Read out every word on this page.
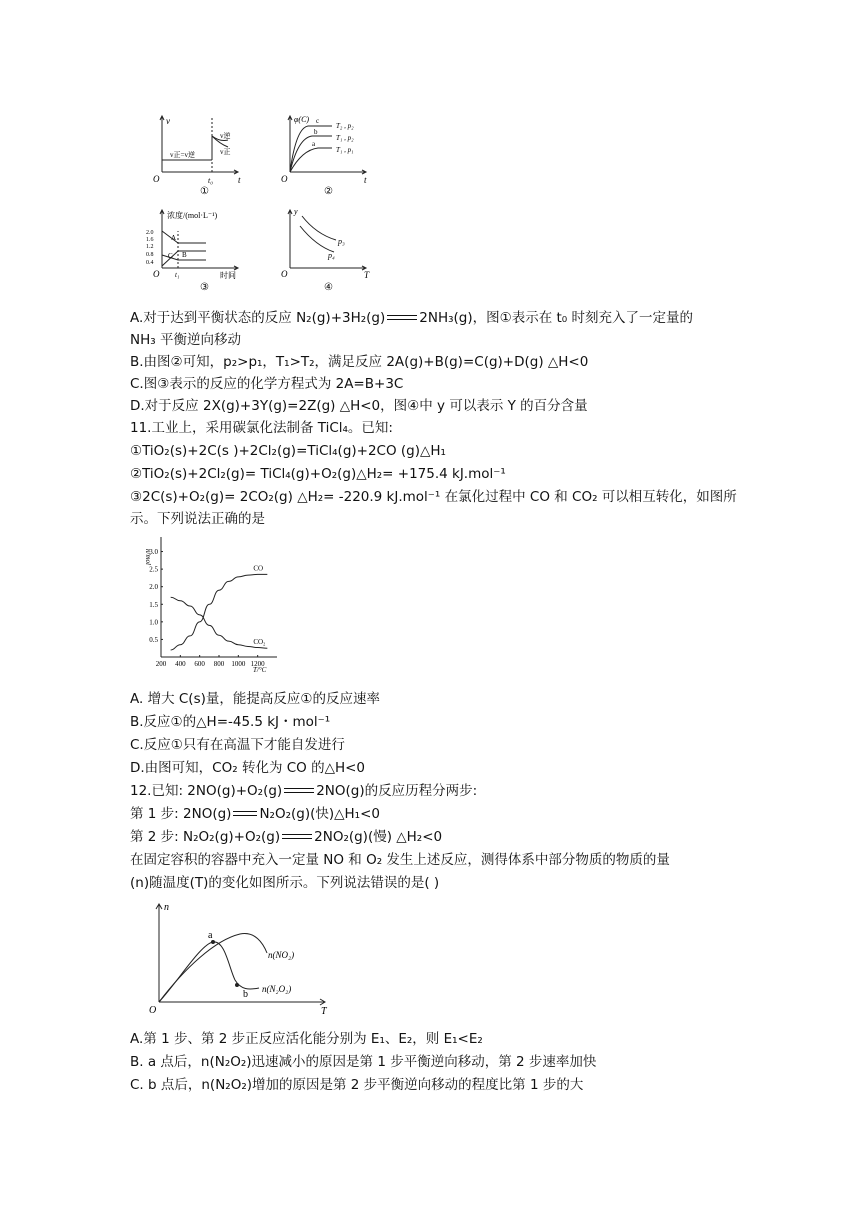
v
v正=v逆
v逆
v正
O	t₀	t
①
φ(C) c
b
a
T₂ , p₂
T₁ , p₂
T₁ , p₁
O	t
②
浓度/(mol·L⁻¹)
2.0
1.6
1.2
0.8
0.4
A
C B
O t₁	时间
③
y
p₃
p₄
O	T
④
A.对于达到平衡状态的反应 N₂(g)+3H₂(g)	2NH₃(g)，图①表示在 t₀ 时刻充入了一定量的
NH₃ 平衡逆向移动
B.由图②可知，p₂>p₁，T₁>T₂，满足反应 2A(g)+B(g)=C(g)+D(g) △H<0
C.图③表示的反应的化学方程式为 2A=B+3C
D.对于反应 2X(g)+3Y(g)=2Z(g) △H<0，图④中 y 可以表示 Y 的百分含量
11.工业上，采用碳氯化法制备 TiCl₄。已知:
①TiO₂(s)+2C(s )+2Cl₂(g)=TiCl₄(g)+2CO (g)△H₁
②TiO₂(s)+2Cl₂(g)= TiCl₄(g)+O₂(g)△H₂= +175.4 kJ.mol⁻¹
③2C(s)+O₂(g)= 2CO₂(g) △H₂= -220.9 kJ.mol⁻¹ 在氯化过程中 CO 和 CO₂ 可以相互转化，如图所
示。下列说法正确的是
200 400 600 800 1000 1200
0.5
1.0
1.5
2.0
2.5
3.0
CO
CO₂
n/mol
T/°C
A. 增大 C(s)量，能提高反应①的反应速率
B.反应①的△H=-45.5 kJ・mol⁻¹
C.反应①只有在高温下才能自发进行
D.由图可知，CO₂ 转化为 CO 的△H<0
12.已知: 2NO(g)+O₂(g)	2NO(g)的反应历程分两步:
第 1 步: 2NO(g) N₂O₂(g)(快)△H₁<0
第 2 步: N₂O₂(g)+O₂(g)	2NO₂(g)(慢) △H₂<0
在固定容积的容器中充入一定量 NO 和 O₂ 发生上述反应，测得体系中部分物质的物质的量
(n)随温度(T)的变化如图所示。下列说法错误的是( )
n
a
b
n(NO₂)
n(N₂O₂)
O	T
A.第 1 步、第 2 步正反应活化能分别为 E₁、E₂，则 E₁<E₂
B. a 点后，n(N₂O₂)迅速减小的原因是第 1 步平衡逆向移动，第 2 步速率加快
C. b 点后，n(N₂O₂)增加的原因是第 2 步平衡逆向移动的程度比第 1 步的大
